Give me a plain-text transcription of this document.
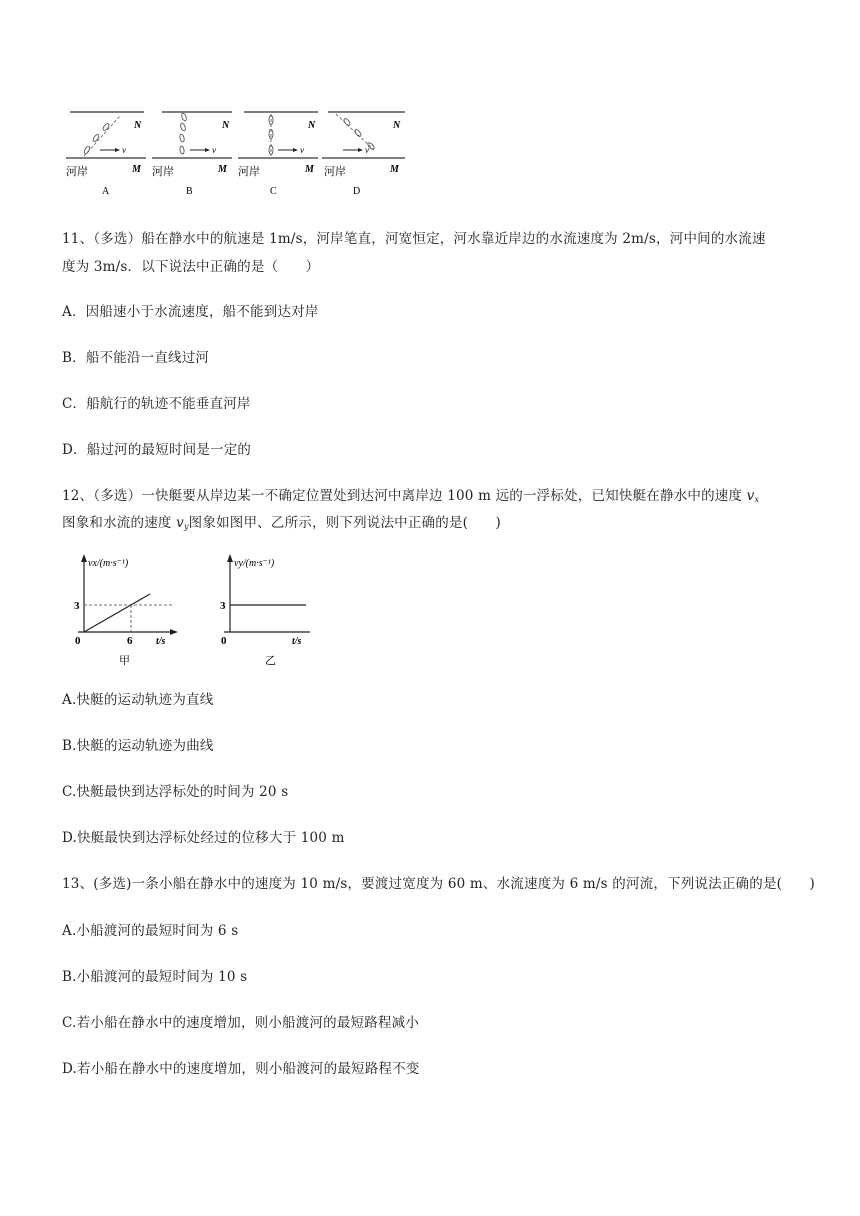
v
N
M
河岸
A
v
N
M
河岸
B
v
N
M
河岸
C
v
N
M
河岸
D
11、（多选）船在静水中的航速是 1m/s，河岸笔直，河宽恒定，河水靠近岸边的水流速度为 2m/s，河中间的水流速
度为 3m/s．以下说法中正确的是（　　）
A．因船速小于水流速度，船不能到达对岸
B．船不能沿一直线过河
C．船航行的轨迹不能垂直河岸
D．船过河的最短时间是一定的
12、（多选）一快艇要从岸边某一不确定位置处到达河中离岸边 100 m 远的一浮标处，已知快艇在静水中的速度 $v_x$
图象和水流的速度 $v_y$图象如图甲、乙所示，则下列说法中正确的是(　　)
vx/(m·s⁻¹)
3
0	6 t/s
甲
vy/(m·s⁻¹)
3
0	t/s
乙
A.快艇的运动轨迹为直线
B.快艇的运动轨迹为曲线
C.快艇最快到达浮标处的时间为 20 s
D.快艇最快到达浮标处经过的位移大于 100 m
13、(多选)一条小船在静水中的速度为 10 m/s，要渡过宽度为 60 m、水流速度为 6 m/s 的河流，下列说法正确的是(　　)
A.小船渡河的最短时间为 6 s
B.小船渡河的最短时间为 10 s
C.若小船在静水中的速度增加，则小船渡河的最短路程减小
D.若小船在静水中的速度增加，则小船渡河的最短路程不变
